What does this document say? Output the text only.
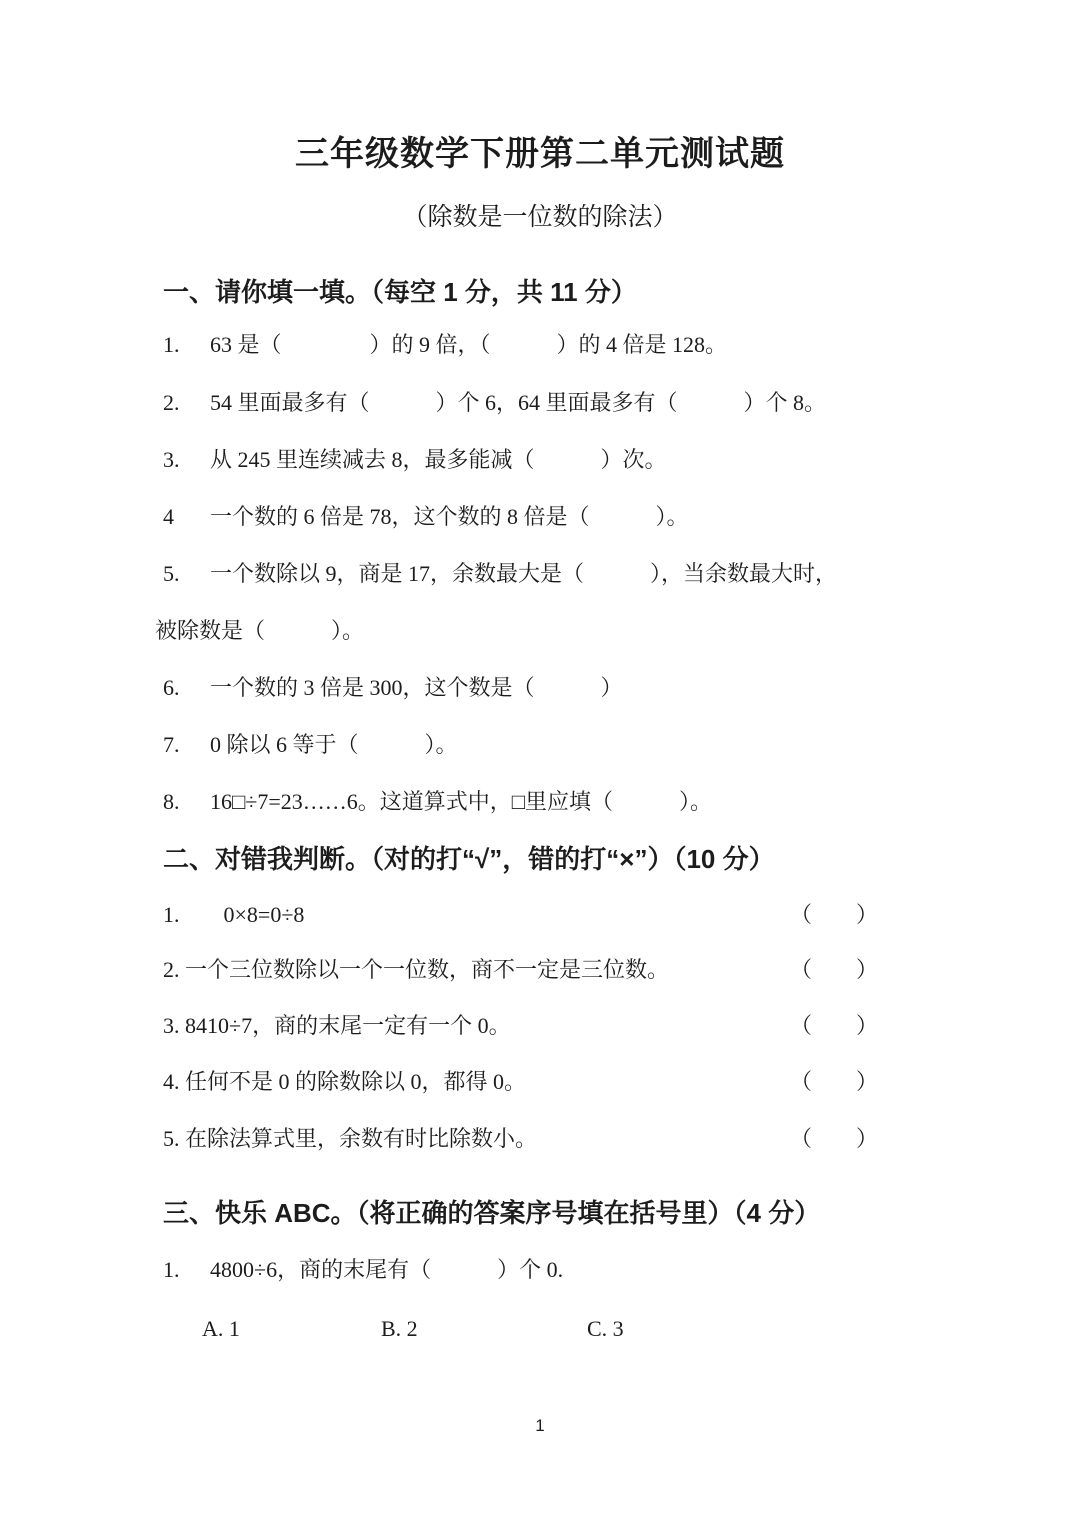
三年级数学下册第二单元测试题
（除数是一位数的除法）
一、请你填一填。（每空 1 分，共 11 分）
1.	63 是（　　　　）的 9 倍，（　　　）的 4 倍是 128。
2.	54 里面最多有（　　　）个 6，64 里面最多有（　　　）个 8。
3.	从 245 里连续减去 8，最多能减（　　　）次。
4	一个数的 6 倍是 78，这个数的 8 倍是（　　　）。
5.	一个数除以 9，商是 17，余数最大是（　　　），当余数最大时，
被除数是（　　　）。
6.	一个数的 3 倍是 300，这个数是（　　　）
7.	0 除以 6 等于（　　　）。
8.	16□÷7=23……6。这道算式中，□里应填（　　　）。
二、对错我判断。（对的打“√”，错的打“×”）（10 分）
1.　　0×8=0÷8	（　　）
2. 一个三位数除以一个一位数，商不一定是三位数。	（　　）
3. 8410÷7，商的末尾一定有一个 0。	（　　）
4. 任何不是 0 的除数除以 0，都得 0。	（　　）
5. 在除法算式里，余数有时比除数小。	（　　）
三、快乐 ABC。（将正确的答案序号填在括号里）（4 分）
1.	4800÷6，商的末尾有（　　　）个 0.
A. 1	B. 2	C. 3
1
